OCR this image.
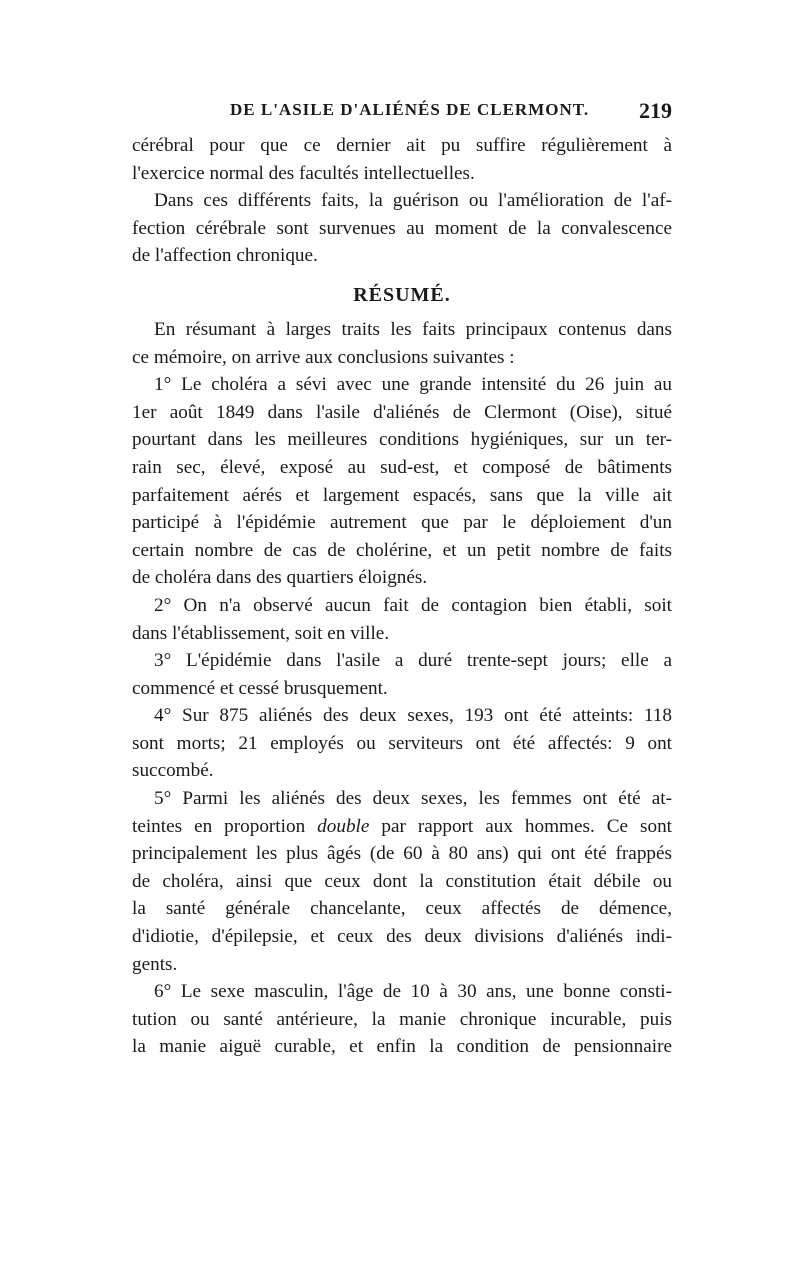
DE L'ASILE D'ALIÉNÉS DE CLERMONT. 219
cérébral pour que ce dernier ait pu suffire régulièrement à
l'exercice normal des facultés intellectuelles.
Dans ces différents faits, la guérison ou l'amélioration de l'af-
fection cérébrale sont survenues au moment de la convalescence
de l'affection chronique.
RÉSUMÉ.
En résumant à larges traits les faits principaux contenus dans
ce mémoire, on arrive aux conclusions suivantes :
1° Le choléra a sévi avec une grande intensité du 26 juin au
1er août 1849 dans l'asile d'aliénés de Clermont (Oise), situé
pourtant dans les meilleures conditions hygiéniques, sur un ter-
rain sec, élevé, exposé au sud-est, et composé de bâtiments
parfaitement aérés et largement espacés, sans que la ville ait
participé à l'épidémie autrement que par le déploiement d'un
certain nombre de cas de cholérine, et un petit nombre de faits
de choléra dans des quartiers éloignés.
2° On n'a observé aucun fait de contagion bien établi, soit
dans l'établissement, soit en ville.
3° L'épidémie dans l'asile a duré trente-sept jours; elle a
commencé et cessé brusquement.
4° Sur 875 aliénés des deux sexes, 193 ont été atteints: 118
sont morts; 21 employés ou serviteurs ont été affectés: 9 ont
succombé.
5° Parmi les aliénés des deux sexes, les femmes ont été at-
teintes en proportion double par rapport aux hommes. Ce sont
principalement les plus âgés (de 60 à 80 ans) qui ont été frappés
de choléra, ainsi que ceux dont la constitution était débile ou
la santé générale chancelante, ceux affectés de démence,
d'idiotie, d'épilepsie, et ceux des deux divisions d'aliénés indi-
gents.
6° Le sexe masculin, l'âge de 10 à 30 ans, une bonne consti-
tution ou santé antérieure, la manie chronique incurable, puis
la manie aiguë curable, et enfin la condition de pensionnaire
